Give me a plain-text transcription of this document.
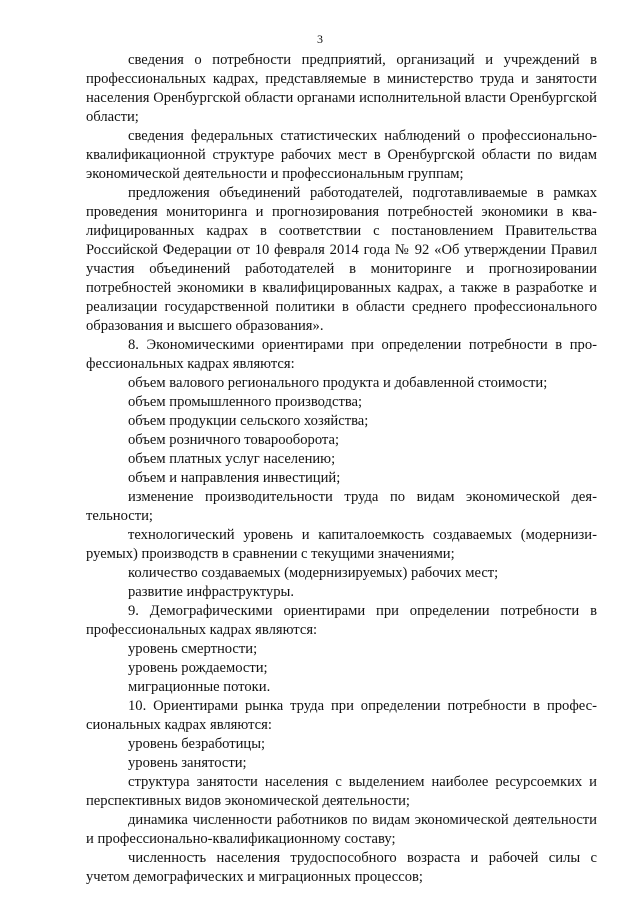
3

сведения о потребности предприятий, организаций и учреждений в профессиональных кадрах, представляемые в министерство труда и занятости населения Оренбургской области органами исполнительной власти Оренбургской области;

сведения федеральных статистических наблюдений о профессионально-квалификационной структуре рабочих мест в Оренбургской области по видам экономической деятельности и профессиональным группам;

предложения объединений работодателей, подготавливаемые в рамках проведения мониторинга и прогнозирования потребностей экономики в квалифицированных кадрах в соответствии с постановлением Правительства Российской Федерации от 10 февраля 2014 года № 92 «Об утверждении Правил участия объединений работодателей в мониторинге и прогнозировании потребностей экономики в квалифицированных кадрах, а также в разработке и реализации государственной политики в области среднего профессионального образования и высшего образования».

8. Экономическими ориентирами при определении потребности в профессиональных кадрах являются:

объем валового регионального продукта и добавленной стоимости;

объем промышленного производства;

объем продукции сельского хозяйства;

объем розничного товарооборота;

объем платных услуг населению;

объем и направления инвестиций;

изменение производительности труда по видам экономической деятельности;

технологический уровень и капиталоемкость создаваемых (модернизируемых) производств в сравнении с текущими значениями;

количество создаваемых (модернизируемых) рабочих мест;

развитие инфраструктуры.

9. Демографическими ориентирами при определении потребности в профессиональных кадрах являются:

уровень смертности;

уровень рождаемости;

миграционные потоки.

10. Ориентирами рынка труда при определении потребности в профессиональных кадрах являются:

уровень безработицы;

уровень занятости;

структура занятости населения с выделением наиболее ресурсоемких и перспективных видов экономической деятельности;

динамика численности работников по видам экономической деятельности и профессионально-квалификационному составу;

численность населения трудоспособного возраста и рабочей силы с учетом демографических и миграционных процессов;
